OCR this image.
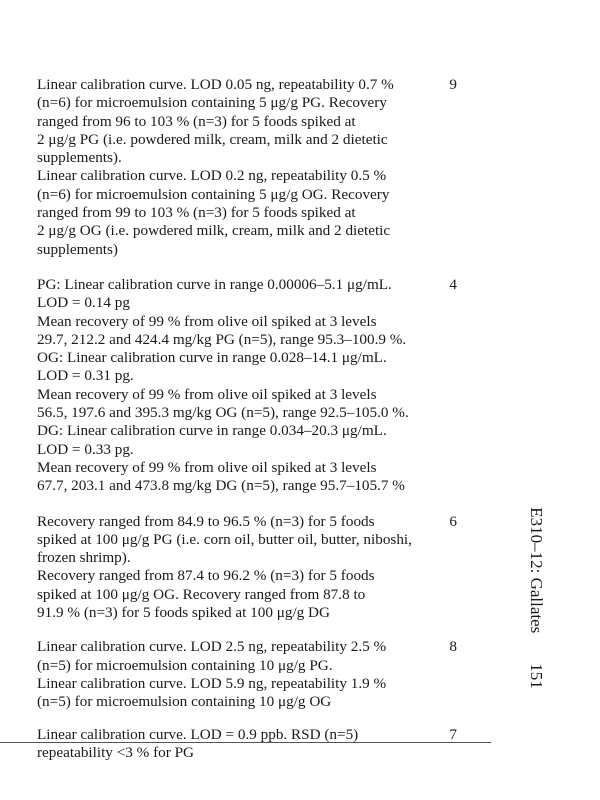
Linear calibration curve. LOD 0.05 ng, repeatability 0.7 %

(n=6) for microemulsion containing 5 μg/g PG. Recovery

ranged from 96 to 103 % (n=3) for 5 foods spiked at

2 μg/g PG (i.e. powdered milk, cream, milk and 2 dietetic

supplements).

Linear calibration curve. LOD 0.2 ng, repeatability 0.5 %

(n=6) for microemulsion containing 5 μg/g OG. Recovery

ranged from 99 to 103 % (n=3) for 5 foods spiked at

2 μg/g OG (i.e. powdered milk, cream, milk and 2 dietetic

supplements)

9

PG: Linear calibration curve in range 0.00006–5.1 μg/mL.

LOD = 0.14 pg

Mean recovery of 99 % from olive oil spiked at 3 levels

29.7, 212.2 and 424.4 mg/kg PG (n=5), range 95.3–100.9 %.

OG: Linear calibration curve in range 0.028–14.1 μg/mL.

LOD = 0.31 pg.

Mean recovery of 99 % from olive oil spiked at 3 levels

56.5, 197.6 and 395.3 mg/kg OG (n=5), range 92.5–105.0 %.

DG: Linear calibration curve in range 0.034–20.3 μg/mL.

LOD = 0.33 pg.

Mean recovery of 99 % from olive oil spiked at 3 levels

67.7, 203.1 and 473.8 mg/kg DG (n=5), range 95.7–105.7 %

4

Recovery ranged from 84.9 to 96.5 % (n=3) for 5 foods

spiked at 100 μg/g PG (i.e. corn oil, butter oil, butter, niboshi,

frozen shrimp).

Recovery ranged from 87.4 to 96.2 % (n=3) for 5 foods

spiked at 100 μg/g OG. Recovery ranged from 87.8 to

91.9 % (n=3) for 5 foods spiked at 100 μg/g DG

6

Linear calibration curve. LOD 2.5 ng, repeatability 2.5 %

(n=5) for microemulsion containing 10 μg/g PG.

Linear calibration curve. LOD 5.9 ng, repeatability 1.9 %

(n=5) for microemulsion containing 10 μg/g OG

8

Linear calibration curve. LOD = 0.9 ppb. RSD (n=5)

repeatability <3 % for PG

7
E310–12: Gallates151
